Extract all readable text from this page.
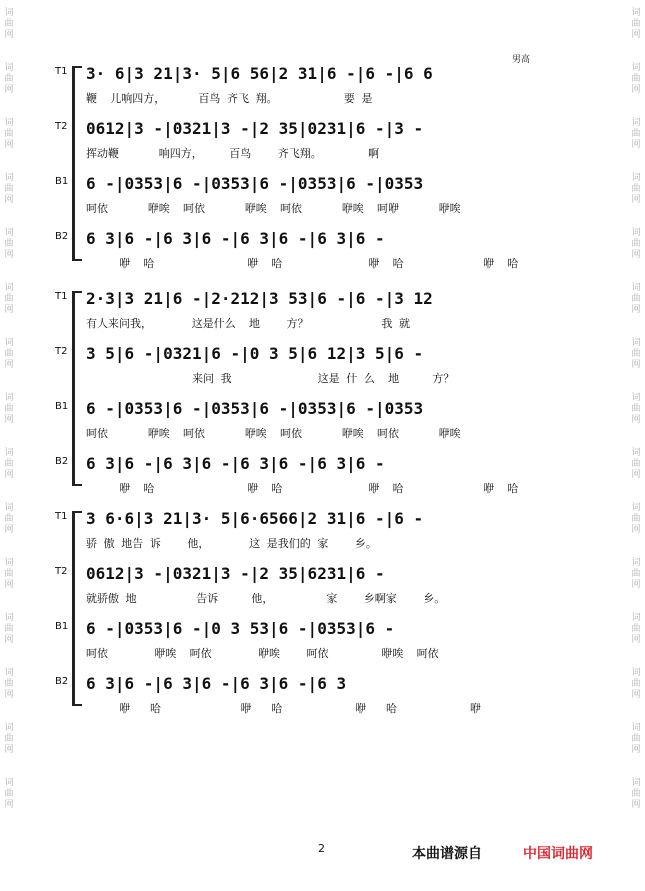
词
曲
网
词
曲
网
词
曲
网
词
曲
网
词
曲
网
词
曲
网
词
曲
网
词
曲
网
词
曲
网
词
曲
网
词
曲
网
词
曲
网
词
曲
网
词
曲
网
词
曲
网
词
曲
网
词
曲
网
词
曲
网
词
曲
网
词
曲
网
词
曲
网
词
曲
网
词
曲
网
词
曲
网
词
曲
网
词
曲
网
词
曲
网
词
曲
网
词
曲
网
词
曲
网
男高
T1 3· 6|3 21|3· 5|6 56|2 31|6 -|6 -|6 6
鞭  儿响四方，     百鸟 齐飞 翔。          要 是
T2 0612|3 -|0321|3 -|2 35|0231|6 -|3 -
挥动鞭      响四方，    百鸟    齐飞翔。       啊
B1 6 -|0353|6 -|0353|6 -|0353|6 -|0353
呵依      咿唉  呵依      咿唉  呵依      咿唉  呵咿      咿唉
B2 6 3|6 -|6 3|6 -|6 3|6 -|6 3|6 -
咿  哈              咿  哈             咿  哈            咿  哈
T1 2·3|3 21|6 -|2·212|3 53|6 -|6 -|3 12
有人来问我，      这是什么  地    方？           我 就
T2 3 5|6 -|0321|6 -|0 3 5|6 12|3 5|6 -
来问 我             这是 什 么  地     方？
B1 6 -|0353|6 -|0353|6 -|0353|6 -|0353
呵依      咿唉  呵依      咿唉  呵依      咿唉  呵依      咿唉
B2 6 3|6 -|6 3|6 -|6 3|6 -|6 3|6 -
咿  哈              咿  哈             咿  哈            咿  哈
T1 3 6·6|3 21|3· 5|6·6566|2 31|6 -|6 -
骄 傲 地告 诉    他，      这 是我们的 家    乡。
T2 0612|3 -|0321|3 -|2 35|6231|6 -
就骄傲 地         告诉     他，        家    乡啊家    乡。
B1 6 -|0353|6 -|0 3 53|6 -|0353|6 -
呵依       咿唉  呵依       咿唉    呵依        咿唉  呵依
B2 6 3|6 -|6 3|6 -|6 3|6 -|6 3
咿   哈            咿   哈           咿   哈           咿
2	本曲谱源自	中国词曲网
